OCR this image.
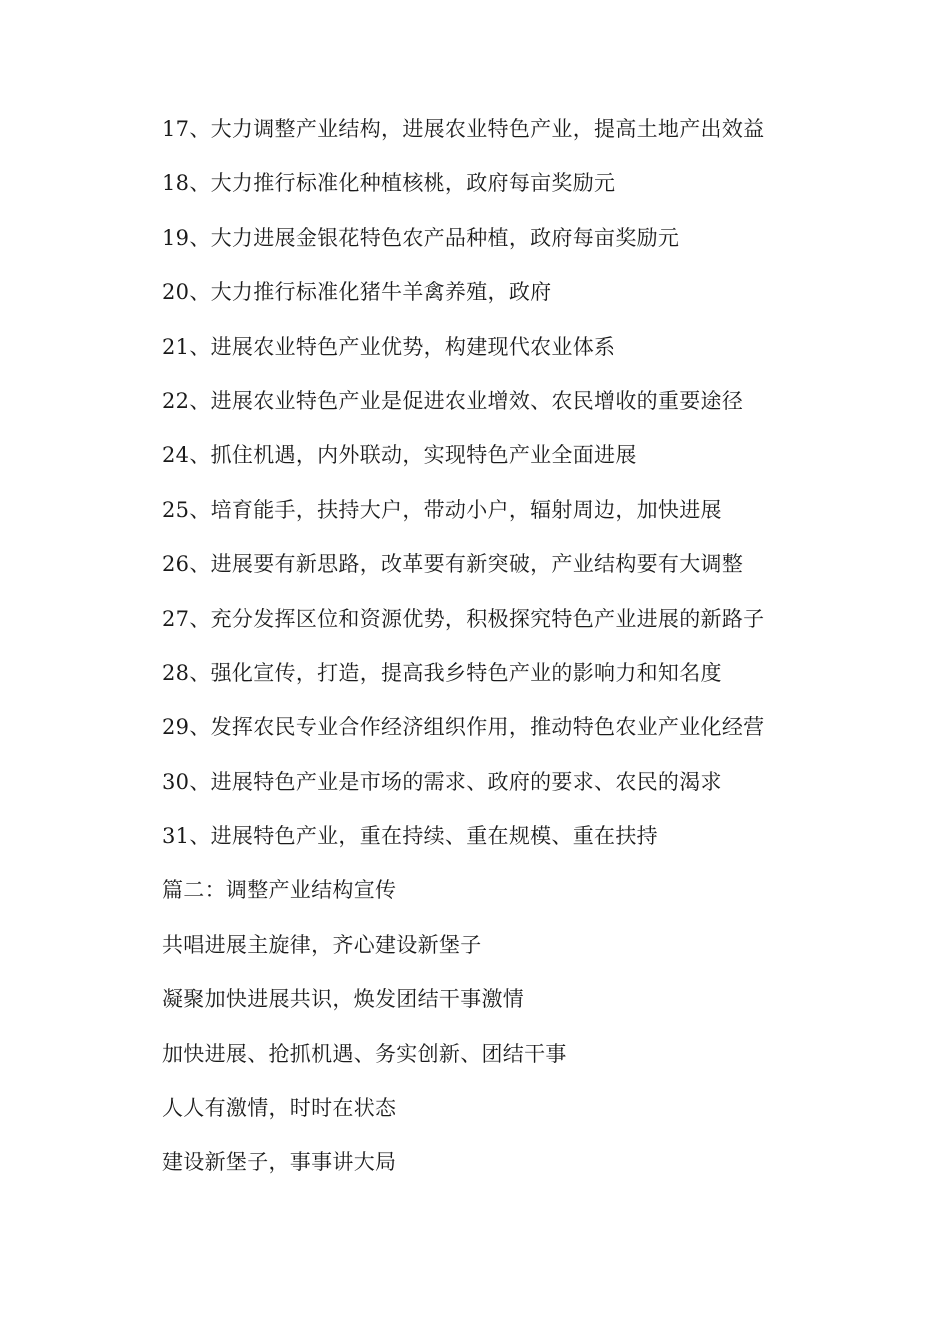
17、大力调整产业结构，进展农业特色产业，提高土地产出效益
18、大力推行标准化种植核桃，政府每亩奖励元
19、大力进展金银花特色农产品种植，政府每亩奖励元
20、大力推行标准化猪牛羊禽养殖，政府
21、进展农业特色产业优势，构建现代农业体系
22、进展农业特色产业是促进农业增效、农民增收的重要途径
24、抓住机遇，内外联动，实现特色产业全面进展
25、培育能手，扶持大户，带动小户，辐射周边，加快进展
26、进展要有新思路，改革要有新突破，产业结构要有大调整
27、充分发挥区位和资源优势，积极探究特色产业进展的新路子
28、强化宣传，打造，提高我乡特色产业的影响力和知名度
29、发挥农民专业合作经济组织作用，推动特色农业产业化经营
30、进展特色产业是市场的需求、政府的要求、农民的渴求
31、进展特色产业，重在持续、重在规模、重在扶持
篇二：调整产业结构宣传
共唱进展主旋律，齐心建设新堡子
凝聚加快进展共识，焕发团结干事激情
加快进展、抢抓机遇、务实创新、团结干事
人人有激情，时时在状态
建设新堡子，事事讲大局
